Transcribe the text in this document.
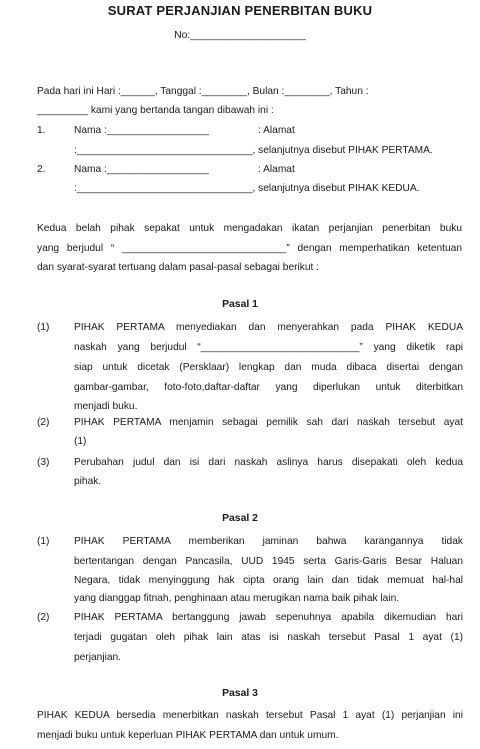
SURAT PERJANJIAN PENERBITAN BUKU
No:____________________
Pada hari ini Hari :______, Tanggal :________, Bulan :________, Tahun :
_________ kami yang bertanda tangan dibawah ini :
1.	Nama :__________________	: Alamat
:_______________________________, selanjutnya disebut PIHAK PERTAMA.
2.	Nama :__________________	: Alamat
:_______________________________, selanjutnya disebut PIHAK KEDUA.
Kedua belah pihak sepakat untuk mengadakan ikatan perjanjian penerbitan buku
yang berjudul “ _____________________________” dengan memperhatikan ketentuan
dan syarat-syarat tertuang dalam pasal-pasal sebagai berikut :
Pasal 1
(1) PIHAK PERTAMA menyediakan dan menyerahkan pada PIHAK KEDUA
naskah yang berjudul “____________________________” yang diketik rapi
siap untuk dicetak (Persklaar) lengkap dan muda dibaca disertai dengan
gambar-gambar, foto-foto,daftar-daftar yang diperlukan untuk diterbitkan
menjadi buku.
(2) PIHAK PERTAMA menjamin sebagai pemilik sah dari naskah tersebut ayat
(1)
(3) Perubahan judul dan isi dari naskah aslinya harus disepakati oleh kedua
pihak.
Pasal 2
(1) PIHAK PERTAMA memberikan jaminan bahwa karangannya tidak
bertentangan dengan Pancasila, UUD 1945 serta Garis-Garis Besar Haluan
Negara, tidak menyinggung hak cipta orang lain dan tidak memuat hal-hal
yang dianggap fitnah, penghinaan atau merugikan nama baik pihak lain.
(2) PIHAK PERTAMA bertanggung jawab sepenuhnya apabila dikemudian hari
terjadi gugatan oleh pihak lain atas isi naskah tersebut Pasal 1 ayat (1)
perjanjian.
Pasal 3
PIHAK KEDUA bersedia menerbitkan naskah tersebut Pasal 1 ayat (1) perjanjian ini
menjadi buku untuk keperluan PIHAK PERTAMA dan untuk umum.
